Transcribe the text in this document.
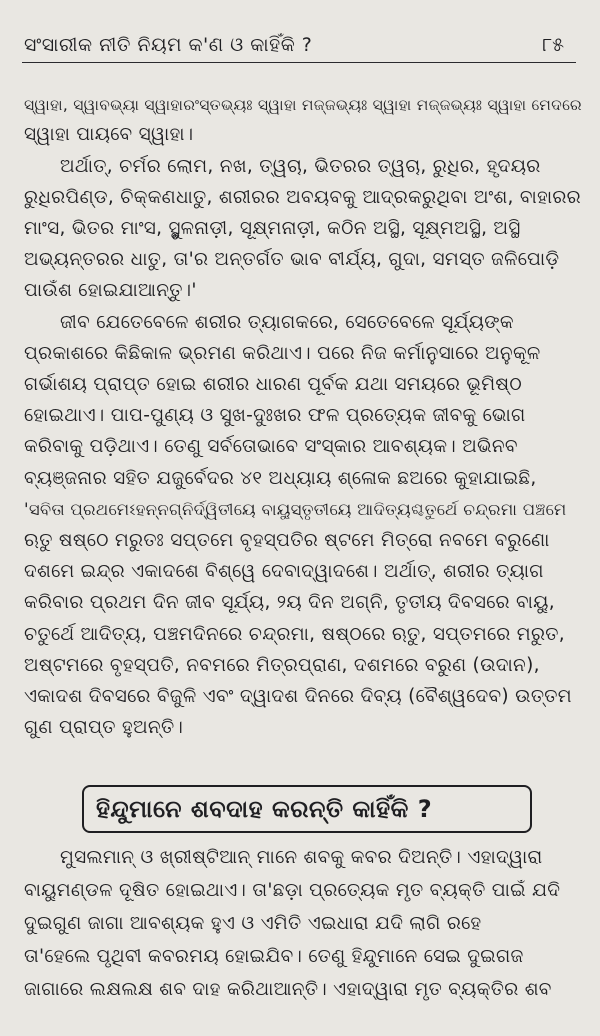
ସଂସାରୀକ ନୀତି ନିୟମ କ'ଣ ଓ କାହିଁକି ?	୮୫
ସ୍ୱାହା, ସ୍ୱାବଭ୍ୟା ସ୍ୱାହାରଂସ୍ତଭ୍ୟଃ ସ୍ୱାହା ମଜ୍ଜଭ୍ୟଃ ସ୍ୱାହା ମଜ୍ଜଭ୍ୟଃ ସ୍ୱାହା ମେଦରେ
ସ୍ୱାହା ପାୟବେ ସ୍ୱାହା।
ଅର୍ଥାତ୍, ଚର୍ମର ଲୋମ, ନଖ, ତ୍ୱଚା, ଭିତରର ତ୍ୱଚା, ରୁଧିର, ହୃଦୟର
ରୁଧିରପିଣ୍ଡ, ଚିକ୍କଣଧାତୁ, ଶରୀରର ଅବୟବକୁ ଆଦ୍ରକରୁଥିବା ଅଂଶ, ବାହାରର
ମାଂସ, ଭିତର ମାଂସ, ସ୍ଥୁଳନାଡ଼ୀ, ସୂକ୍ଷ୍ମନାଡ଼ୀ, କଠିନ ଅସ୍ଥି, ସୂକ୍ଷ୍ମଅସ୍ଥି, ଅସ୍ଥି
ଅଭ୍ୟନ୍ତରର ଧାତୁ, ତା'ର ଅନ୍ତର୍ଗତ ଭାବ ବୀର୍ଯ୍ୟ, ଗୁଦା, ସମସ୍ତ ଜଳିପୋଡ଼ି
ପାଉଁଶ ହୋଇଯାଆନ୍ତୁ।'
ଜୀବ ଯେତେବେଳେ ଶରୀର ତ୍ୟାଗକରେ, ସେତେବେଳେ ସୂର୍ଯ୍ୟଙ୍କ
ପ୍ରକାଶରେ କିଛିକାଳ ଭ୍ରମଣ କରିଥାଏ। ପରେ ନିଜ କର୍ମାନୁସାରେ ଅନୁକୂଳ
ଗର୍ଭାଶୟ ପ୍ରାପ୍ତ ହୋଇ ଶରୀର ଧାରଣ ପୂର୍ବକ ଯଥା ସମୟରେ ଭୂମିଷ୍ଠ
ହୋଇଥାଏ। ପାପ-ପୁଣ୍ୟ ଓ ସୁଖ-ଦୁଃଖର ଫଳ ପ୍ରତ୍ୟେକ ଜୀବକୁ ଭୋଗ
କରିବାକୁ ପଡ଼ିଥାଏ। ତେଣୁ ସର୍ବତୋଭାବେ ସଂସ୍କାର ଆବଶ୍ୟକ। ଅଭିନବ
ବ୍ୟଞ୍ଜନାର ସହିତ ଯଜୁର୍ବେଦର ୪୧ ଅଧ୍ୟାୟ ଶ୍ଳୋକ ଛଅରେ କୁହାଯାଇଛି,
'ସବିତା ପ୍ରଥମେଽହନ୍ନଗ୍ନିର୍ଦ୍ୱିତୀୟେ ବାୟୁସ୍ତୃତୀୟେ ଆଦିତ୍ୟଶ୍ଚତୁର୍ଥେ ଚନ୍ଦ୍ରମା ପଞ୍ଚମେ
ଋତୁ ଷଷ୍ଠେ ମରୁତଃ ସପ୍ତମେ ବୃହସ୍ପତିର ଷ୍ଟମେ ମିତ୍ରୋ ନବମେ ବରୁଣୋ
ଦଶମେ ଇନ୍ଦ୍ର ଏକାଦଶେ ବିଶ୍ୱେ ଦେବାଦ୍ୱାଦଶେ। ଅର୍ଥାତ୍, ଶରୀର ତ୍ୟାଗ
କରିବାର ପ୍ରଥମ ଦିନ ଜୀବ ସୂର୍ଯ୍ୟ, ୨ୟ ଦିନ ଅଗ୍ନି, ତୃତୀୟ ଦିବସରେ ବାୟୁ,
ଚତୁର୍ଥେ ଆଦିତ୍ୟ, ପଞ୍ଚମଦିନରେ ଚନ୍ଦ୍ରମା, ଷଷ୍ଠରେ ଋତୁ, ସପ୍ତମରେ ମରୁତ,
ଅଷ୍ଟମରେ ବୃହସ୍ପତି, ନବମରେ ମିତ୍ରପ୍ରାଣ, ଦଶମରେ ବରୁଣ (ଉଦାନ),
ଏକାଦଶ ଦିବସରେ ବିଜୁଳି ଏବଂ ଦ୍ୱାଦଶ ଦିନରେ ଦିବ୍ୟ (ବୈଶ୍ୱଦେବ) ଉତ୍ତମ
ଗୁଣ ପ୍ରାପ୍ତ ହୁଅନ୍ତି।
ହିନ୍ଦୁମାନେ ଶବଦାହ କରନ୍ତି କାହିଁକି ?
ମୁସଲମାନ୍ ଓ ଖ୍ରୀଷ୍ଟିଆନ୍ ମାନେ ଶବକୁ କବର ଦିଅନ୍ତି। ଏହାଦ୍ୱାରା
ବାୟୁମଣ୍ଡଳ ଦୂଷିତ ହୋଇଥାଏ। ତା'ଛଡ଼ା ପ୍ରତ୍ୟେକ ମୃତ ବ୍ୟକ୍ତି ପାଇଁ ଯଦି
ଦୁଇଗୁଣ ଜାଗା ଆବଶ୍ୟକ ହୁଏ ଓ ଏମିତି ଏଇଧାରା ଯଦି ଲାଗି ରହେ
ତା'ହେଲେ ପୃଥିବୀ କବରମୟ ହୋଇଯିବ। ତେଣୁ ହିନ୍ଦୁମାନେ ସେଇ ଦୁଇଗଜ
ଜାଗାରେ ଲକ୍ଷଲକ୍ଷ ଶବ ଦାହ କରିଥାଆନ୍ତି। ଏହାଦ୍ୱାରା ମୃତ ବ୍ୟକ୍ତିର ଶବ
